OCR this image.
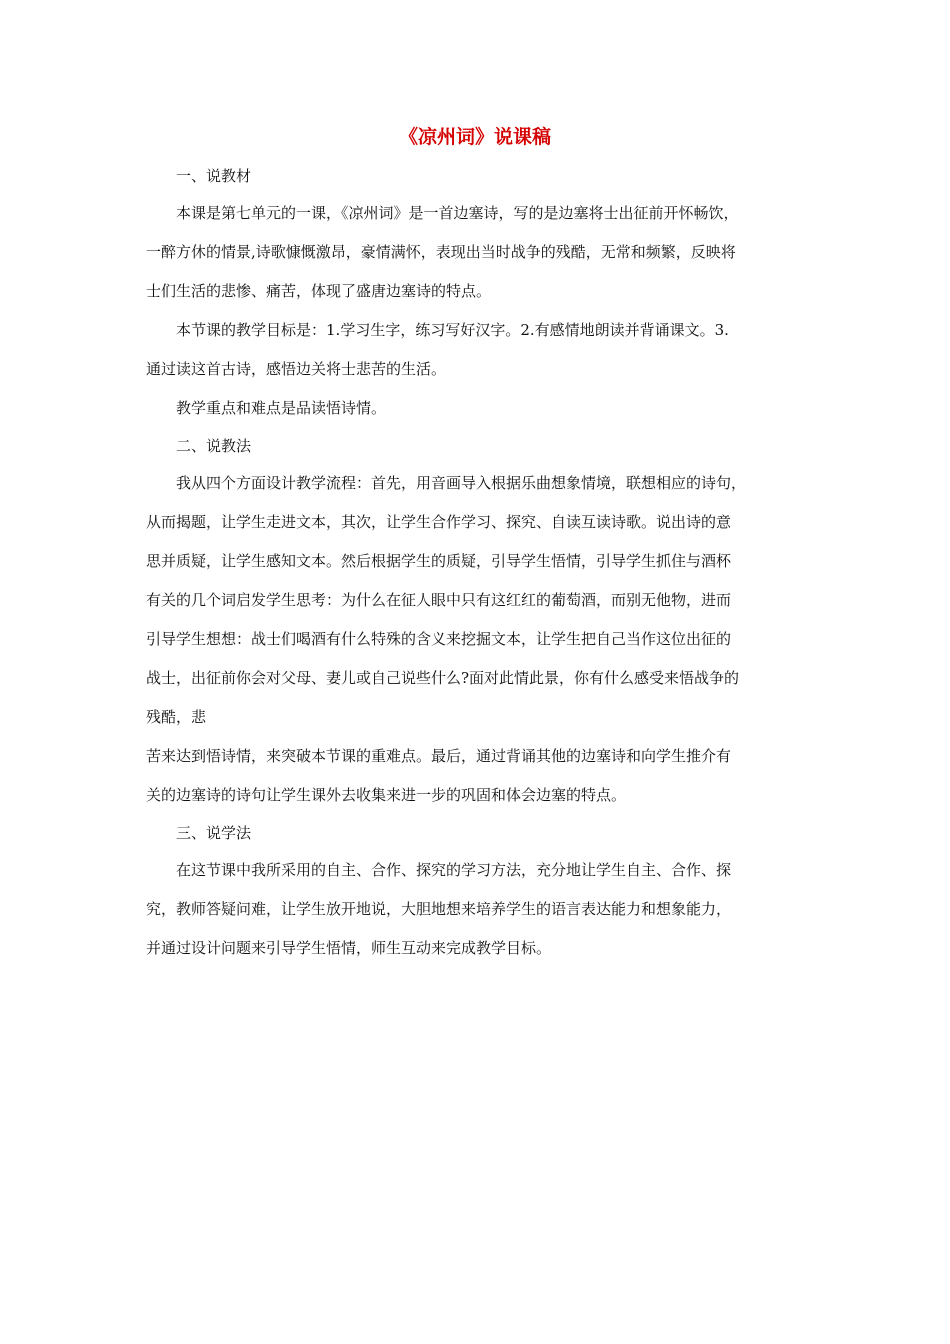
《凉州词》说课稿
一、说教材
本课是第七单元的一课，《凉州词》是一首边塞诗，写的是边塞将士出征前开怀畅饮，
一醉方休的情景,诗歌慷慨激昂，豪情满怀，表现出当时战争的残酷，无常和频繁，反映将
士们生活的悲惨、痛苦，体现了盛唐边塞诗的特点。
本节课的教学目标是：1.学习生字，练习写好汉字。2.有感情地朗读并背诵课文。3.
通过读这首古诗，感悟边关将士悲苦的生活。
教学重点和难点是品读悟诗情。
二、说教法
我从四个方面设计教学流程：首先，用音画导入根据乐曲想象情境，联想相应的诗句，
从而揭题，让学生走进文本，其次，让学生合作学习、探究、自读互读诗歌。说出诗的意
思并质疑，让学生感知文本。然后根据学生的质疑，引导学生悟情，引导学生抓住与酒杯
有关的几个词启发学生思考：为什么在征人眼中只有这红红的葡萄酒，而别无他物，进而
引导学生想想：战士们喝酒有什么特殊的含义来挖掘文本，让学生把自己当作这位出征的
战士，出征前你会对父母、妻儿或自己说些什么?面对此情此景，你有什么感受来悟战争的
残酷，悲
苦来达到悟诗情，来突破本节课的重难点。最后，通过背诵其他的边塞诗和向学生推介有
关的边塞诗的诗句让学生课外去收集来进一步的巩固和体会边塞的特点。
三、说学法
在这节课中我所采用的自主、合作、探究的学习方法，充分地让学生自主、合作、探
究，教师答疑问难，让学生放开地说，大胆地想来培养学生的语言表达能力和想象能力，
并通过设计问题来引导学生悟情，师生互动来完成教学目标。
